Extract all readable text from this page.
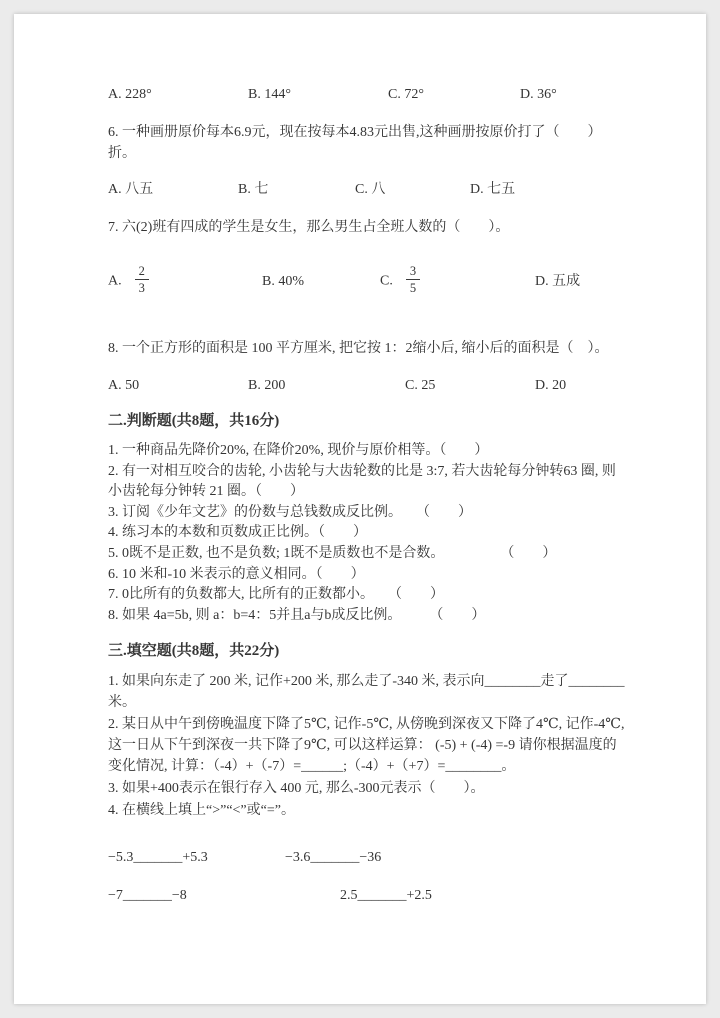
A. 228°	B. 144°	C. 72°	D. 36°

6. 一种画册原价每本6.9元，现在按每本4.83元出售,这种画册按原价打了（　　）折。

A. 八五	B. 七	C. 八	D. 七五

7. 六(2)班有四成的学生是女生，那么男生占全班人数的（　　）。

A. $\frac{2}{3}$	B. 40%	C. $\frac{3}{5}$	D. 五成

8. 一个正方形的面积是 100 平方厘米, 把它按 1：2缩小后, 缩小后的面积是（　）。

A. 50	B. 200	C. 25	D. 20
二.判断题(共8题，共16分)

1. 一种商品先降价20%, 在降价20%, 现价与原价相等。（　　）

2. 有一对相互咬合的齿轮, 小齿轮与大齿轮数的比是 3:7, 若大齿轮每分钟转63 圈, 则小齿轮每分钟转 21 圈。（　　）

3. 订阅《少年文艺》的份数与总钱数成反比例。　　（　　）

4. 练习本的本数和页数成正比例。（　　）

5. 0既不是正数, 也不是负数; 1既不是质数也不是合数。　　　　　（　　）

6. 10 米和-10 米表示的意义相同。（　　）

7. 0比所有的负数都大, 比所有的正数都小。　　（　　）

8. 如果 4a=5b, 则 a：b=4：5并且a与b成反比例。　　　（　　）

三.填空题(共8题，共22分)

1. 如果向东走了 200 米, 记作+200 米, 那么走了-340 米, 表示向________走了________米。

2. 某日从中午到傍晚温度下降了5℃, 记作-5℃, 从傍晚到深夜又下降了4℃, 记作-4℃, 这一日从下午到深夜一共下降了9℃, 可以这样运算： (-5) + (-4) =-9 请你根据温度的变化情况, 计算：（-4）+（-7）=______;（-4）+（+7）=________。

3. 如果+400表示在银行存入 400 元, 那么-300元表示（　　）。

4. 在横线上填上“>”“<”或“=”。

−5.3_______+5.3	−3.6_______−36
−7_______−8	2.5_______+2.5
